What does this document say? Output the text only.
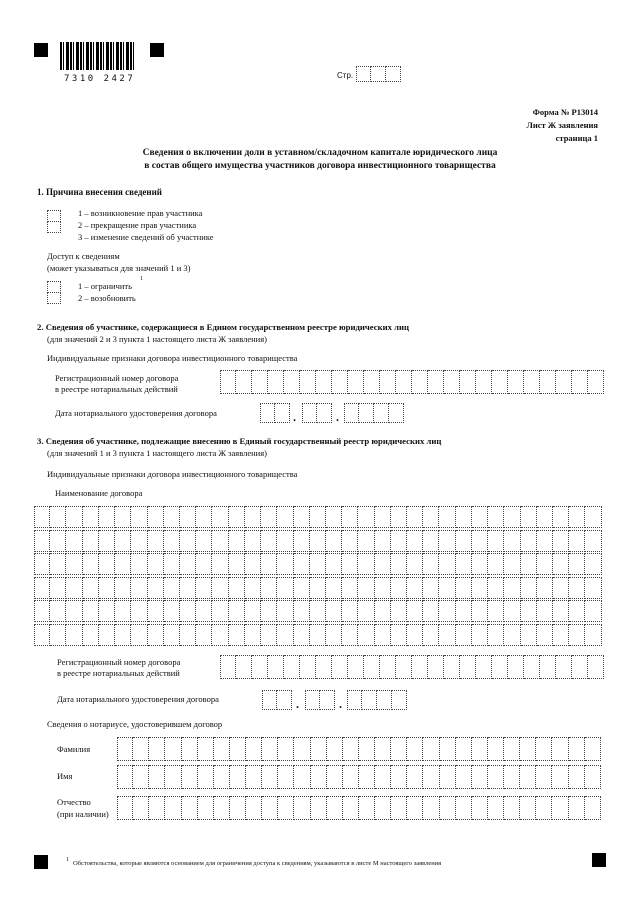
7310 2427	Стр.
Форма № Р13014
Лист Ж заявления
страница 1
Сведения о включении доли в уставном/складочном капитале юридического лица
в состав общего имущества участников договора инвестиционного товарищества
1. Причина внесения сведений
1 – возникновение прав участника
2 – прекращение прав участника
3 – изменение сведений об участнике
Доступ к сведениям
(может указываться для значений 1 и 3)
1 – ограничить
1
2 – возобновить
2. Сведения об участнике, содержащиеся в Едином государственном реестре юридических лиц
(для значений 2 и 3 пункта 1 настоящего листа Ж заявления)
Индивидуальные признаки договора инвестиционного товарищества
Регистрационный номер договора
в реестре нотариальных действий
Дата нотариального удостоверения договора	.	.
3. Сведения об участнике, подлежащие внесению в Единый государственный реестр юридических лиц
(для значений 1 и 3 пункта 1 настоящего листа Ж заявления)
Индивидуальные признаки договора инвестиционного товарищества
Наименование договора
Регистрационный номер договора
в реестре нотариальных действий
Дата нотариального удостоверения договора	.	.
Сведения о нотариусе, удостоверившем договор
Фамилия
Имя
Отчество
(при наличии)
1 Обстоятельства, которые являются основанием для ограничения доступа к сведениям, указываются в листе М настоящего заявления
